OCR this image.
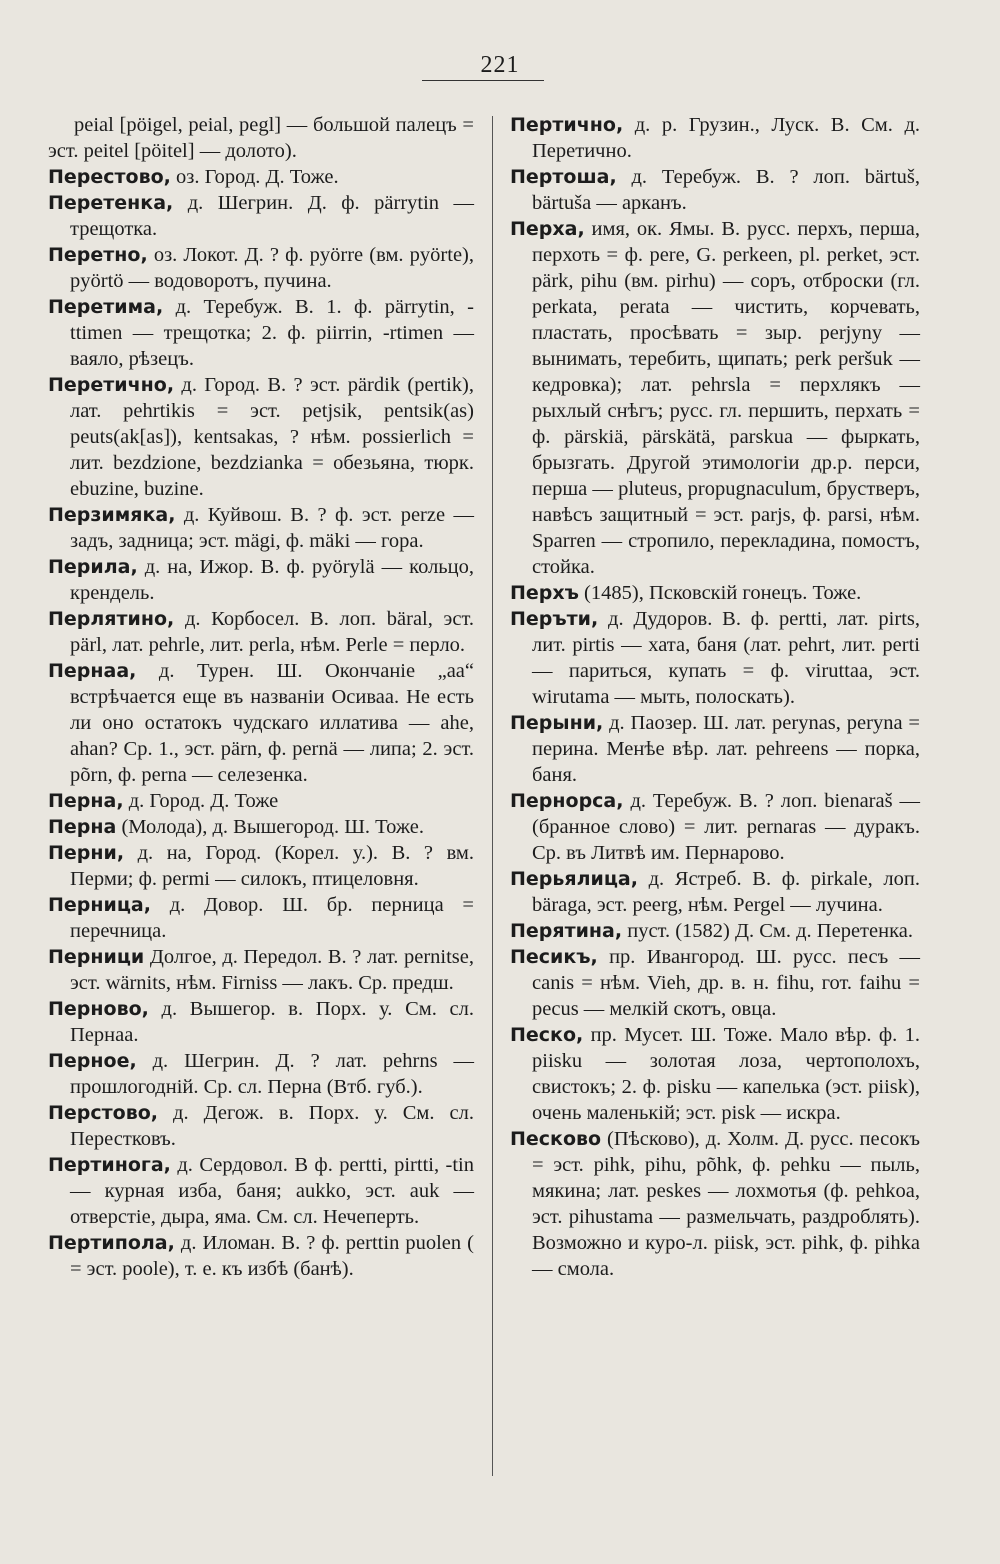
221
peial [pöigel, peial, pegl] — большой палецъ = эст. peitel [pöitel] — долото).
Перестово, оз. Город. Д. Тоже.
Перетенка, д. Шегрин. Д. ф. pärrytin — трещотка.
Перетно, оз. Локот. Д. ? ф. pyörre (вм. pyörte), pyörtö — водоворотъ, пучина.
Перетима, д. Теребуж. В. 1. ф. pärrytin, -ttimen — трещотка; 2. ф. piirrin, -rtimen — ваяло, рѣзецъ.
Перетично, д. Город. В. ? эст. pärdik (pertik), лат. pehrtikis = эст. petjsik, pentsik(as) peuts(ak[as]), kentsakas, ? нѣм. possierlich = лит. bezdzione, bezdzianka = обезьяна, тюрк. ebuzine, buzine.
Перзимяка, д. Куйвош. В. ? ф. эст. perze — задъ, задница; эст. mägi, ф. mäki — гора.
Перила, д. на, Ижор. В. ф. pyörylä — кольцо, крендель.
Перлятино, д. Корбосел. В. лоп. bäral, эст. pärl, лат. pehrle, лит. perla, нѣм. Perle = перло.
Пернаа, д. Турен. Ш. Окончаніе „аа“ встрѣчается еще въ названіи Осиваа. Не есть ли оно остатокъ чудскаго иллатива — ahe, ahan? Ср. 1., эст. pärn, ф. pernä — липа; 2. эст. põrn, ф. perna — селезенка.
Перна, д. Город. Д. Тоже
Перна (Молода), д. Вышегород. Ш. Тоже.
Перни, д. на, Город. (Корел. у.). В. ? вм. Перми; ф. permi — силокъ, птицеловня.
Перница, д. Довор. Ш. бр. перница = перечница.
Перници Долгое, д. Передол. В. ? лат. pernitse, эст. wärnits, нѣм. Firniss — лакъ. Ср. предш.
Перново, д. Вышегор. в. Порх. у. См. сл. Пернаа.
Перное, д. Шегрин. Д. ? лат. pehrns — прошлогодній. Ср. сл. Перна (Втб. губ.).
Перстово, д. Дегож. в. Порх. у. См. сл. Перестковъ.
Пертинога, д. Сердовол. В ф. pertti, pirtti, -tin — курная изба, баня; aukko, эст. auk — отверстіе, дыра, яма. См. сл. Нечеперть.
Пертипола, д. Иломан. В. ? ф. perttin puolen ( = эст. poole), т. е. къ избѣ (банѣ).
Пертично, д. р. Грузин., Луск. В. См. д. Перетично.
Пертоша, д. Теребуж. В. ? лоп. bärtuš, bärtuša — арканъ.
Перха, имя, ок. Ямы. В. русс. перхъ, перша, перхоть = ф. pere, G. perkeen, pl. perket, эст. pärk, pihu (вм. pirhu) — соръ, отброски (гл. perkata, perata — чистить, корчевать, пластать, просѣвать = зыр. perjyny — вынимать, теребить, щипать; perk peršuk — кедровка); лат. pehrsla = перхлякъ — рыхлый снѣгъ; русс. гл. першить, перхать = ф. pärskiä, pärskätä, parskua — фыркать, брызгать. Другой этимологіи др.р. перси, перша — pluteus, propugnaculum, брустверъ, навѣсъ защитный = эст. parjs, ф. parsi, нѣм. Sparren — стропило, перекладина, помостъ, стойка.
Перхъ (1485), Псковскій гонецъ. Тоже.
Перъти, д. Дудоров. В. ф. pertti, лат. pirts, лит. pirtis — хата, баня (лат. pehrt, лит. perti — париться, купать = ф. viruttaa, эст. wirutama — мыть, полоскать).
Перыни, д. Паозер. Ш. лат. perynas, peryna = перина. Менѣе вѣр. лат. pehreens — порка, баня.
Пернорса, д. Теребуж. В. ? лоп. bienaraš — (бранное слово) = лит. pernaras — дуракъ. Ср. въ Литвѣ им. Пернарово.
Перьялица, д. Ястреб. В. ф. pirkale, лоп. bäraga, эст. peerg, нѣм. Pergel — лучина.
Перятина, пуст. (1582) Д. См. д. Перетенка.
Песикъ, пр. Ивангород. Ш. русс. песъ — canis = нѣм. Vieh, др. в. н. fihu, гот. faihu = pecus — мелкій скотъ, овца.
Песко, пр. Мусет. Ш. Тоже. Мало вѣр. ф. 1. piisku — золотая лоза, чертополохъ, свистокъ; 2. ф. pisku — капелька (эст. piisk), очень маленькій; эст. pisk — искра.
Песково (Пѣсково), д. Холм. Д. русс. песокъ = эст. pihk, pihu, põhk, ф. pehku — пыль, мякина; лат. peskes — лохмотья (ф. pehkoa, эст. pihustama — размельчать, раздроблять). Возможно и куро-л. piisk, эст. pihk, ф. pihka — смола.
